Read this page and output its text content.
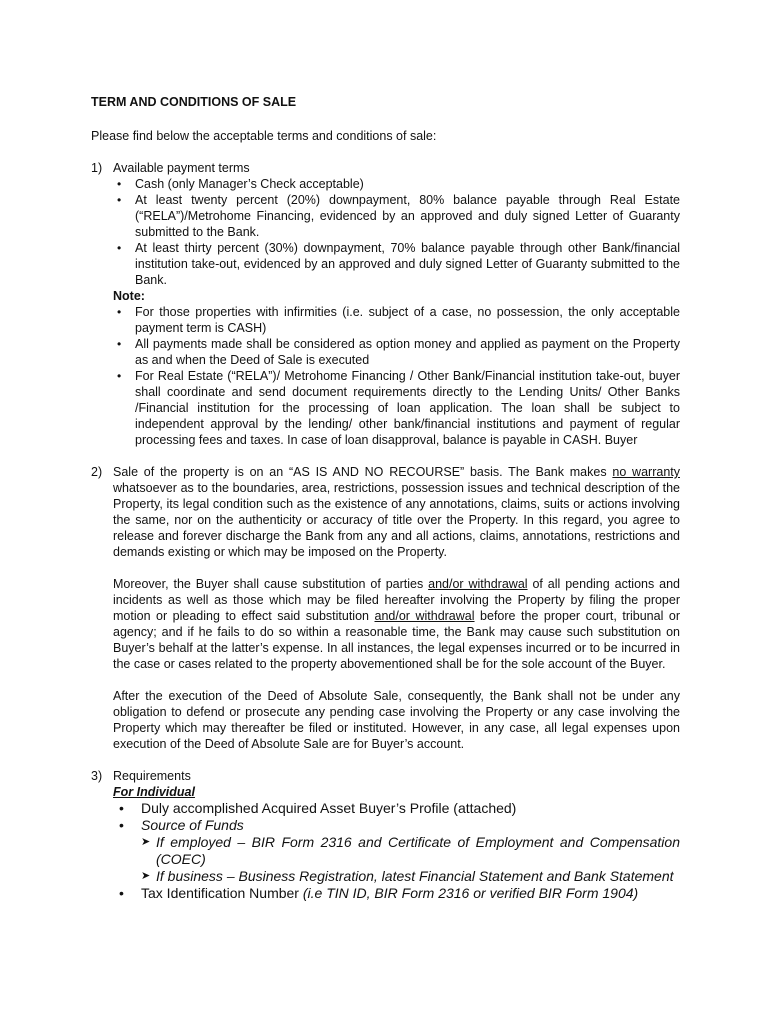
TERM AND CONDITIONS OF SALE

Please find below the acceptable terms and conditions of sale:

1) Available payment terms

• Cash (only Manager’s Check acceptable)
• At least twenty percent (20%) downpayment, 80% balance payable through Real Estate (“RELA”)/Metrohome Financing, evidenced by an approved and duly signed Letter of Guaranty submitted to the Bank.
• At least thirty percent (30%) downpayment, 70% balance payable through other Bank/financial institution take-out, evidenced by an approved and duly signed Letter of Guaranty submitted to the Bank.

Note:

• For those properties with infirmities (i.e. subject of a case, no possession, the only acceptable payment term is CASH)
• All payments made shall be considered as option money and applied as payment on the Property as and when the Deed of Sale is executed
• For Real Estate (“RELA”)/ Metrohome Financing / Other Bank/Financial institution take-out, buyer shall coordinate and send document requirements directly to the Lending Units/ Other Banks /Financial institution for the processing of loan application. The loan shall be subject to independent approval by the lending/ other bank/financial institutions and payment of regular processing fees and taxes. In case of loan disapproval, balance is payable in CASH. Buyer
2) Sale of the property is on an “AS IS AND NO RECOURSE” basis. The Bank makes no warranty whatsoever as to the boundaries, area, restrictions, possession issues and technical description of the Property, its legal condition such as the existence of any annotations, claims, suits or actions involving the same, nor on the authenticity or accuracy of title over the Property. In this regard, you agree to release and forever discharge the Bank from any and all actions, claims, annotations, restrictions and demands existing or which may be imposed on the Property.

Moreover, the Buyer shall cause substitution of parties and/or withdrawal of all pending actions and incidents as well as those which may be filed hereafter involving the Property by filing the proper motion or pleading to effect said substitution and/or withdrawal before the proper court, tribunal or agency; and if he fails to do so within a reasonable time, the Bank may cause such substitution on Buyer’s behalf at the latter’s expense. In all instances, the legal expenses incurred or to be incurred in the case or cases related to the property abovementioned shall be for the sole account of the Buyer.

After the execution of the Deed of Absolute Sale, consequently, the Bank shall not be under any obligation to defend or prosecute any pending case involving the Property or any case involving the Property which may thereafter be filed or instituted. However, in any case, all legal expenses upon execution of the Deed of Absolute Sale are for Buyer’s account.

3) Requirements

For Individual

• Duly accomplished Acquired Asset Buyer’s Profile (attached)
• Source of Funds
➤ If employed – BIR Form 2316 and Certificate of Employment and Compensation (COEC)
➤ If business – Business Registration, latest Financial Statement and Bank Statement
• Tax Identification Number (i.e TIN ID, BIR Form 2316 or verified BIR Form 1904)
